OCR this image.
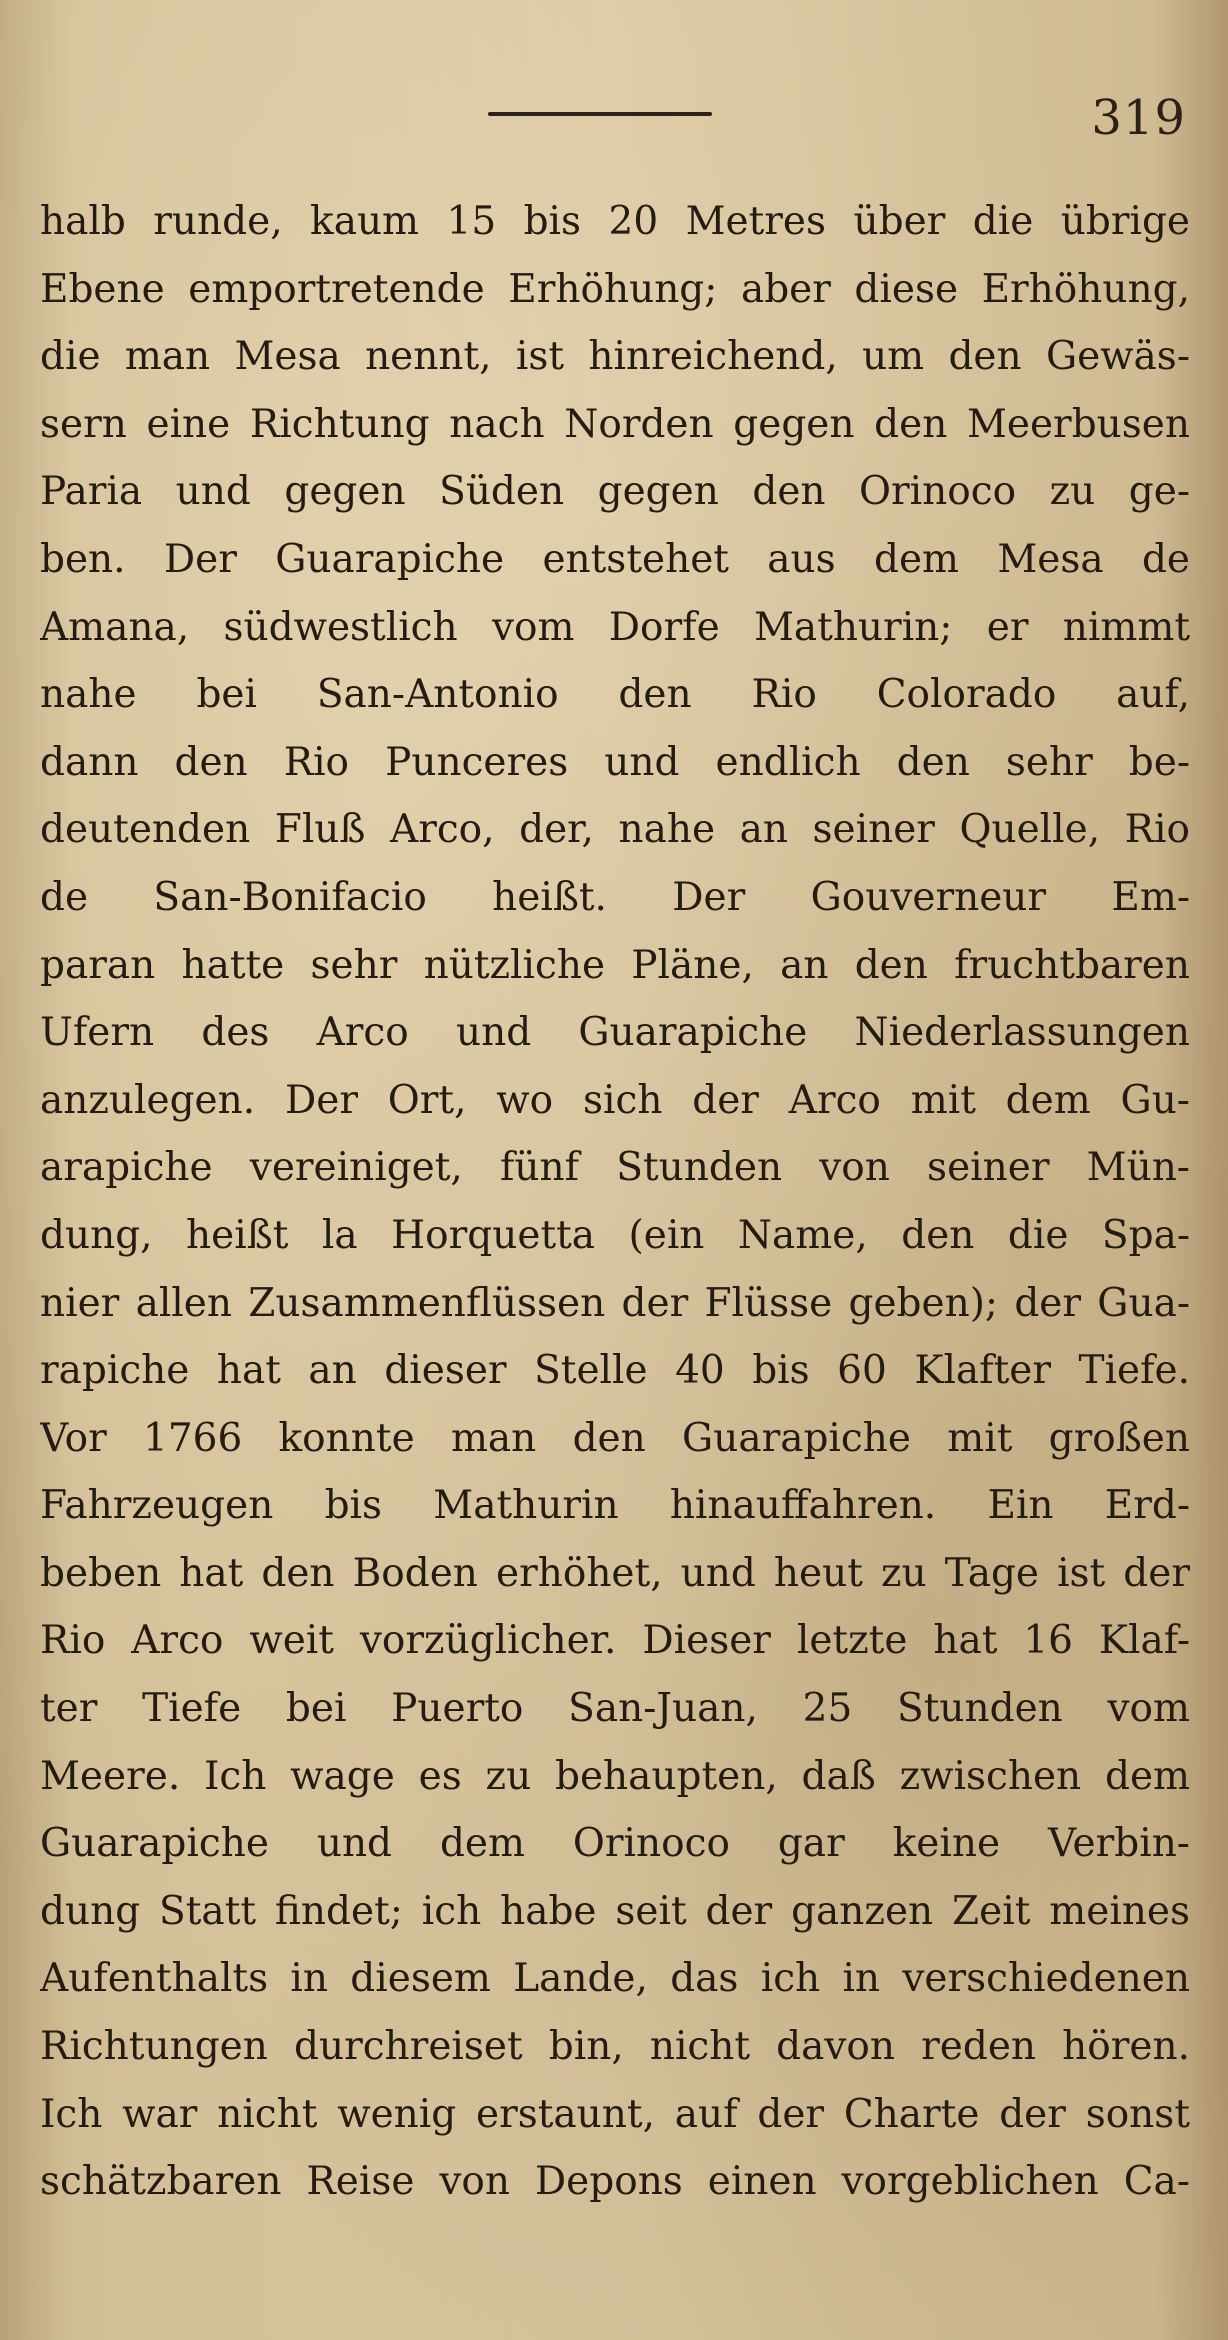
319
halb runde, kaum 15 bis 20 Metres über die übrige
Ebene emportretende Erhöhung; aber diese Erhöhung,
die man Mesa nennt, ist hinreichend, um den Gewäs-
sern eine Richtung nach Norden gegen den Meerbusen
Paria und gegen Süden gegen den Orinoco zu ge-
ben. Der Guarapiche entstehet aus dem Mesa de
Amana, südwestlich vom Dorfe Mathurin; er nimmt
nahe bei San-Antonio den Rio Colorado auf,
dann den Rio Punceres und endlich den sehr be-
deutenden Fluß Arco, der, nahe an seiner Quelle, Rio
de San-Bonifacio heißt. Der Gouverneur Em-
paran hatte sehr nützliche Pläne, an den fruchtbaren
Ufern des Arco und Guarapiche Niederlassungen
anzulegen. Der Ort, wo sich der Arco mit dem Gu-
arapiche vereiniget, fünf Stunden von seiner Mün-
dung, heißt la Horquetta (ein Name, den die Spa-
nier allen Zusammenflüssen der Flüsse geben); der Gua-
rapiche hat an dieser Stelle 40 bis 60 Klafter Tiefe.
Vor 1766 konnte man den Guarapiche mit großen
Fahrzeugen bis Mathurin hinauffahren. Ein Erd-
beben hat den Boden erhöhet, und heut zu Tage ist der
Rio Arco weit vorzüglicher. Dieser letzte hat 16 Klaf-
ter Tiefe bei Puerto San-Juan, 25 Stunden vom
Meere. Ich wage es zu behaupten, daß zwischen dem
Guarapiche und dem Orinoco gar keine Verbin-
dung Statt findet; ich habe seit der ganzen Zeit meines
Aufenthalts in diesem Lande, das ich in verschiedenen
Richtungen durchreiset bin, nicht davon reden hören.
Ich war nicht wenig erstaunt, auf der Charte der sonst
schätzbaren Reise von Depons einen vorgeblichen Ca-
